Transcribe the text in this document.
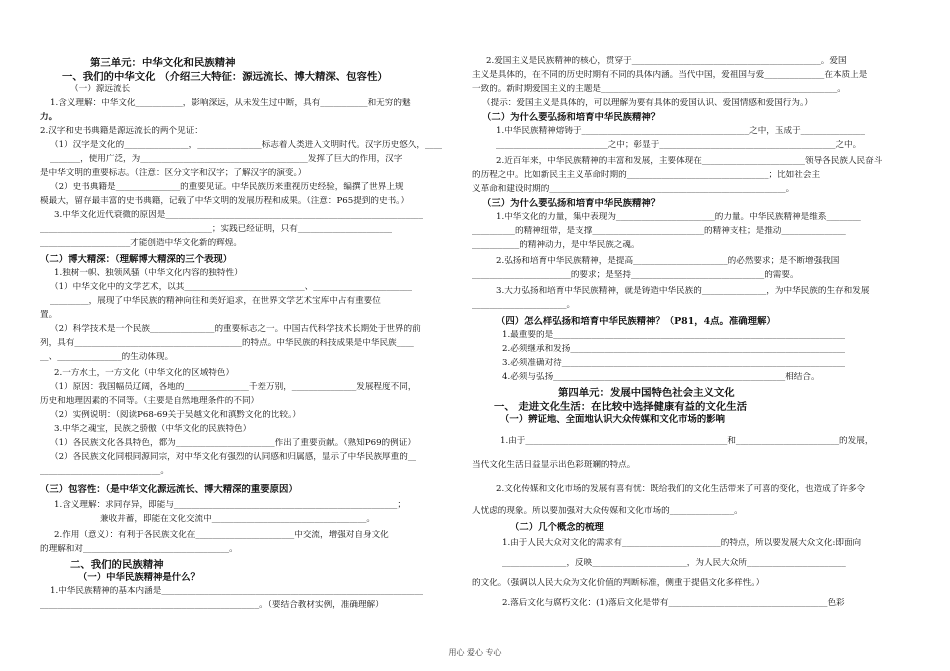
第三单元：中华文化和民族精神
一、我们的中华文化 （介绍三大特征：源远流长、博大精深、包容性）
（一）源远流长
1.含义理解：中华文化___________，影响深远，从未发生过中断，具有___________和无穷的魅
力。
2.汉字和史书典籍是源远流长的两个见证：
（1）汉字是文化的_______________，_______________标志着人类进入文明时代。汉字历史悠久，____
_______，使用广泛，为_______________________________________发挥了巨大的作用，汉字
是中华文明的重要标志。（注意：区分文字和汉字；了解汉字的演变。）
（2）史书典籍是_______________的重要见证。中华民族历来重视历史经验，编撰了世界上规
模最大，留存最丰富的史书典籍，记载了中华文明的发展历程和成果。（注意：P65提到的史书。）
3.中华文化近代衰微的原因是____________________________________________________________
________________________________________；实践已经证明，只有______________________
_____________________才能创造中华文化新的辉煌。
（二）博大精深：（理解博大精深的三个表现）
1.独树一帜、独领风骚（中华文化内容的独特性）
（1）中华文化中的文学艺术，以其____________________________、_______________________
_________，展现了中华民族的精神向往和美好追求，在世界文学艺术宝库中占有重要位
置。
（2）科学技术是一个民族_______________的重要标志之一。中国古代科学技术长期处于世界的前
列，具有_______________________________________的特点。中华民族的科技成果是中华民族____
__、_______________的生动体现。
2.一方水土，一方文化（中华文化的区域特色）
（1）原因：我国幅员辽阔，各地的_______________千差万别，_______________发展程度不同，
历史和地理因素的不同等。（主要是自然地理条件的不同）
（2）实例说明：（阅读P68-69关于吴越文化和滇黔文化的比较。）
3.中华之魂宝，民族之骄傲（中华文化的民族特色）
（1）各民族文化各具特色，都为_______________________作出了重要贡献。（熟知P69的例证）
（2）各民族文化同根同源同宗，对中华文化有强烈的认同感和归属感，显示了中华民族厚重的__
____________________________。
（三）包容性：（是中华文化源远流长、博大精深的重要原因）
1.含义理解：求同存异，即能与____________________________________________________；
兼收并蓄，即能在文化交流中____________________________________。
2.作用（意义）：有利于各民族文化在_______________________中交流，增强对自身文化
的理解和对__________________________________。
二、我们的民族精神
（一）中华民族精神是什么？
1.中华民族精神的基本内涵是_____________________________________________________________
___________________________________________________。（要结合教材实例，准确理解）
2.爱国主义是民族精神的核心，贯穿于____________________________________________。爱国
主义是具体的，在不同的历史时期有不同的具体内涵。当代中国，爱祖国与爱______________在本质上是
一致的。新时期爱国主义的主题是_______________________________________________________。
（提示：爱国主义是具体的，可以理解为要有具体的爱国认识、爱国情感和爱国行为。）
（二）为什么要弘扬和培育中华民族精神？
1.中华民族精神熔铸于_______________________________________之中，玉成于_______________
__________________________之中；彰显于_________________________________________之中。
2.近百年来，中华民族精神的丰富和发展，主要体现在________________________领导各民族人民奋斗
的历程之中。比如新民主主义革命时期的_________________________________；比如社会主
义革命和建设时期的_______________________________________________________。
（三）为什么要弘扬和培育中华民族精神？
1.中华文化的力量，集中表现为_______________________的力量。中华民族精神是维系________
__________的精神纽带，是支撑__________________________的精神支柱；是推动_______________
___________的精神动力，是中华民族之魂。
2.弘扬和培育中华民族精神，是提高______________________的必然要求；是不断增强我国
_______________________的要求；是坚持_______________________________的需要。
3.大力弘扬和培育中华民族精神，就是铸造中华民族的_______________，为中华民族的生存和发展
______________________。
（四）怎么样弘扬和培育中华民族精神？（P81，4点。准确理解）
1.最重要的是____________________________________________________________________
2.必须继承和发扬________________________________________________________________
3.必须准确对待__________________________________________________________________
4.必须与弘扬______________________________________________________相结合。
第四单元：发展中国特色社会主义文化
一、 走进文化生活：在比较中选择健康有益的文化生活
（一）辨证地、全面地认识大众传媒和文化市场的影响
1.由于_______________________________________________和________________________的发展，
当代文化生活日益显示出色彩斑斓的特点。
2.文化传媒和文化市场的发展有喜有忧：既给我们的文化生活带来了可喜的变化，也造成了许多令
人忧虑的现象。所以要加强对大众传媒和文化市场的_______________。
（二）几个概念的梳理
1.由于人民大众对文化的需求有_______________________的特点，所以要发展大众文化:即面向
_______________，反映______________________，为人民大众所_______________________
的文化。（强调以人民大众为文化价值的判断标准，侧重于提倡文化多样性。）
2.落后文化与腐朽文化：(1)落后文化是带有_____________________________________色彩
用心 爱心 专心
